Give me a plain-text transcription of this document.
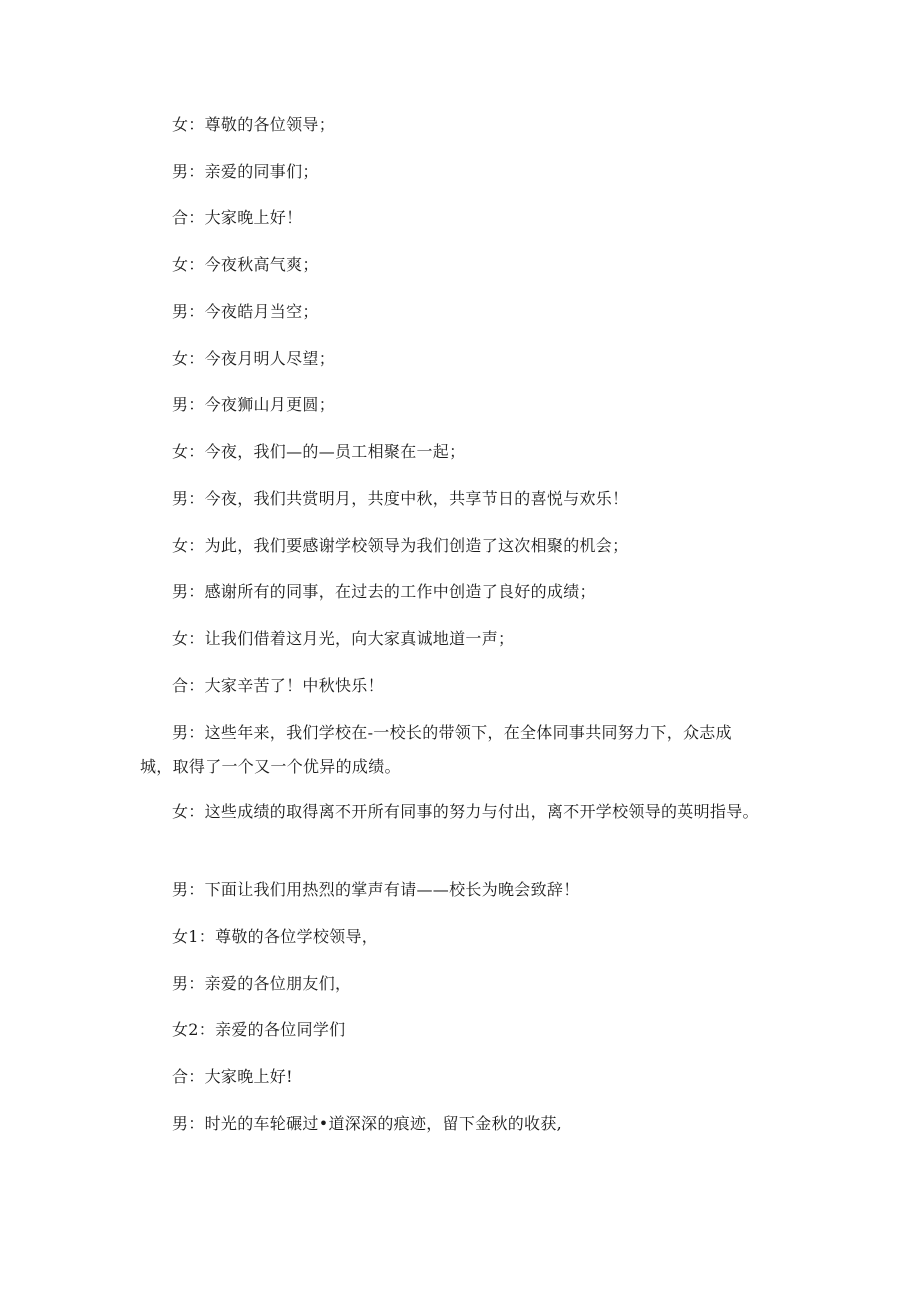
女：尊敬的各位领导；

男：亲爱的同事们；

合：大家晚上好！

女：今夜秋高气爽；

男：今夜皓月当空；

女：今夜月明人尽望；

男：今夜狮山月更圆；

女：今夜，我们—的—员工相聚在一起；

男：今夜，我们共赏明月，共度中秋，共享节日的喜悦与欢乐！

女：为此，我们要感谢学校领导为我们创造了这次相聚的机会；

男：感谢所有的同事，在过去的工作中创造了良好的成绩；

女：让我们借着这月光，向大家真诚地道一声；

合：大家辛苦了！中秋快乐！

男：这些年来，我们学校在-一校长的带领下，在全体同事共同努力下，众志成城，取得了一个又一个优异的成绩。

女：这些成绩的取得离不开所有同事的努力与付出，离不开学校领导的英明指导。

男：下面让我们用热烈的掌声有请——校长为晚会致辞！

女1：尊敬的各位学校领导，

男：亲爱的各位朋友们，

女2：亲爱的各位同学们

合：大家晚上好!

男：时光的车轮碾过•道深深的痕迹，留下金秋的收获,
